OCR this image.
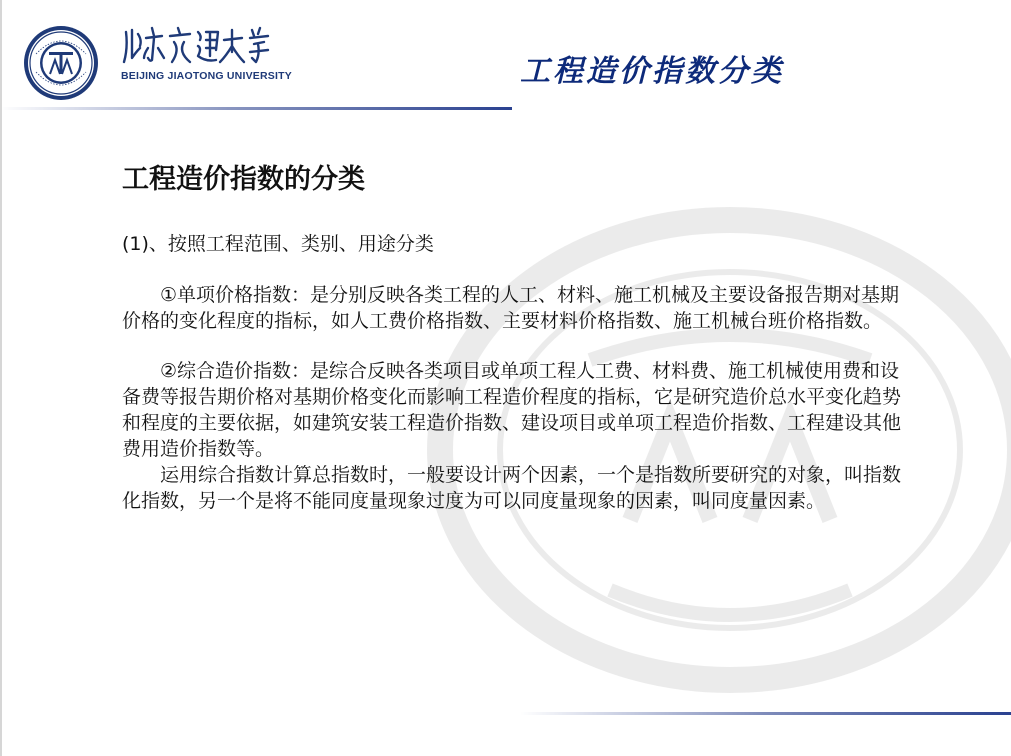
BEIJING JIAOTONG UNIVERSITY	工程造价指数分类
工程造价指数的分类
(1)、按照工程范围、类别、用途分类

①单项价格指数：是分别反映各类工程的人工、材料、施工机械及主要设备报告期对基期价格的变化程度的指标，如人工费价格指数、主要材料价格指数、施工机械台班价格指数。

②综合造价指数：是综合反映各类项目或单项工程人工费、材料费、施工机械使用费和设备费等报告期价格对基期价格变化而影响工程造价程度的指标，它是研究造价总水平变化趋势和程度的主要依据，如建筑安装工程造价指数、建设项目或单项工程造价指数、工程建设其他费用造价指数等。

运用综合指数计算总指数时，一般要设计两个因素，一个是指数所要研究的对象，叫指数化指数，另一个是将不能同度量现象过度为可以同度量现象的因素，叫同度量因素。
